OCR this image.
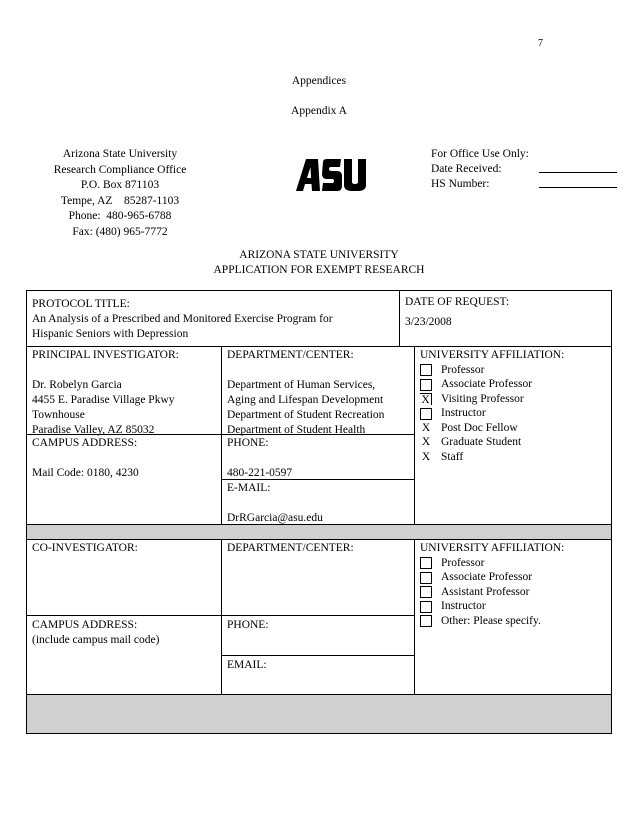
7
Appendices
Appendix A
Arizona State University
Research Compliance Office
P.O. Box 871103
Tempe, AZ    85287-1103
Phone:  480-965-6788
Fax: (480) 965-7772
For Office Use Only:
Date Received:
HS Number:
ARIZONA STATE UNIVERSITY
APPLICATION FOR EXEMPT RESEARCH
PROTOCOL TITLE:
An Analysis of a Prescribed and Monitored Exercise Program for
Hispanic Seniors with Depression
DATE OF REQUEST:
3/23/2008
PRINCIPAL INVESTIGATOR:
Dr. Robelyn Garcia
4455 E. Paradise Village Pkwy
Townhouse
Paradise Valley, AZ 85032
DEPARTMENT/CENTER:
Department of Human Services,
Aging and Lifespan Development
Department of Student Recreation
Department of Student Health
UNIVERSITY AFFILIATION:
Professor
Associate Professor
X Visiting Professor
Instructor
X Post Doc Fellow
X Graduate Student
X Staff
CAMPUS ADDRESS:
Mail Code: 0180, 4230
PHONE:
480-221-0597
E-MAIL:
DrRGarcia@asu.edu
CO-INVESTIGATOR:	DEPARTMENT/CENTER:	UNIVERSITY AFFILIATION:
Professor
Associate Professor
Assistant Professor
Instructor
Other: Please specify.
CAMPUS ADDRESS:
(include campus mail code)
PHONE:
EMAIL:
